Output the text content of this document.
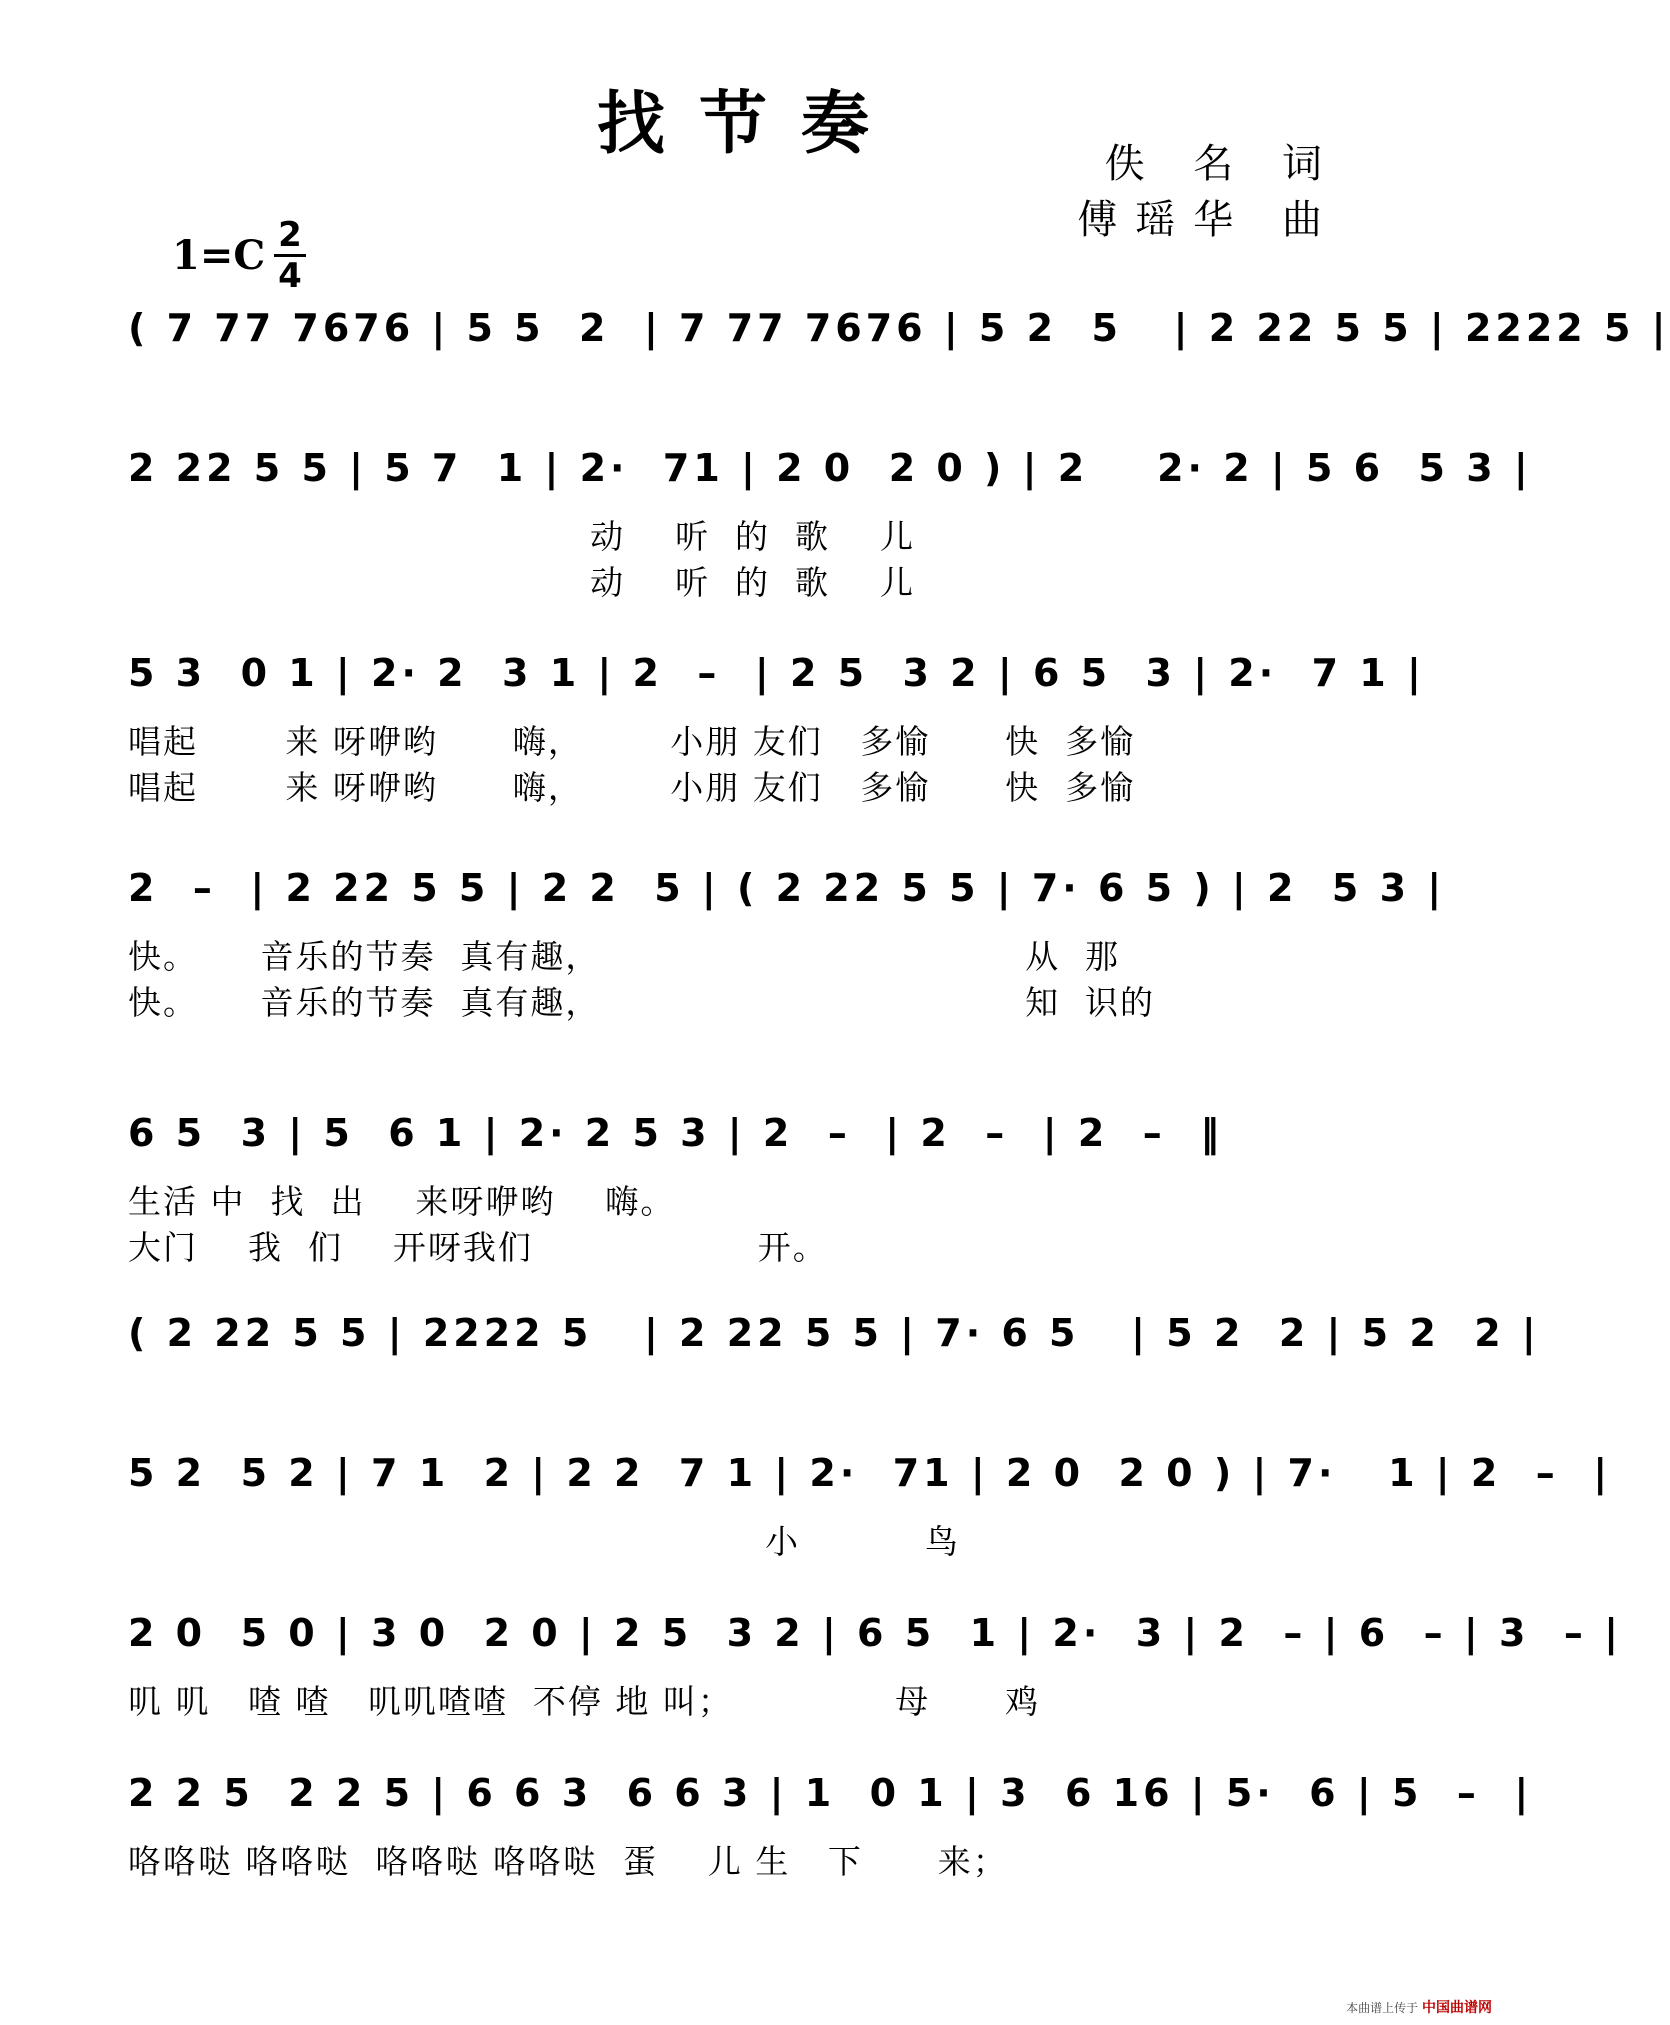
找节奏	佚 名 词
傅瑶华 曲
1=C 2
4
( 7 77 7676 | 5 5  2  | 7 77 7676 | 5 2  5   | 2 22 5 5 | 2222 5 |
2 22 5 5 | 5 7  1 | 2·  71 | 2 0  2 0 ) | 2    2· 2 | 5 6  5 3 |
动    听  的  歌    儿
动    听  的  歌    儿
5 3  0 1 | 2· 2  3 1 | 2  –  | 2 5  3 2 | 6 5  3 | 2·  7 1 |
唱起       来 呀咿哟      嗨，       小朋 友们   多愉      快  多愉
唱起       来 呀咿哟      嗨，       小朋 友们   多愉      快  多愉
2  –  | 2 22 5 5 | 2 2  5 | ( 2 22 5 5 | 7· 6 5 ) | 2  5 3 |
快。     音乐的节奏  真有趣，                                  从  那
快。     音乐的节奏  真有趣，                                  知  识的
6 5  3 | 5  6 1 | 2· 2 5 3 | 2  –  | 2  –  | 2  –  ‖
生活 中  找  出    来呀咿哟    嗨。
大门    我  们    开呀我们                  开。
( 2 22 5 5 | 2222 5   | 2 22 5 5 | 7· 6 5   | 5 2  2 | 5 2  2 |
5 2  5 2 | 7 1  2 | 2 2  7 1 | 2·  71 | 2 0  2 0 ) | 7·   1 | 2  –  |
小          鸟
2 0  5 0 | 3 0  2 0 | 2 5  3 2 | 6 5  1 | 2·  3 | 2  – | 6  – | 3  – |
叽 叽   喳 喳   叽叽喳喳  不停 地 叫；             母      鸡
2 2 5  2 2 5 | 6 6 3  6 6 3 | 1  0 1 | 3  6 16 | 5·  6 | 5  –  |
咯咯哒 咯咯哒  咯咯哒 咯咯哒  蛋    儿 生   下      来；
本曲谱上传于 中国曲谱网
